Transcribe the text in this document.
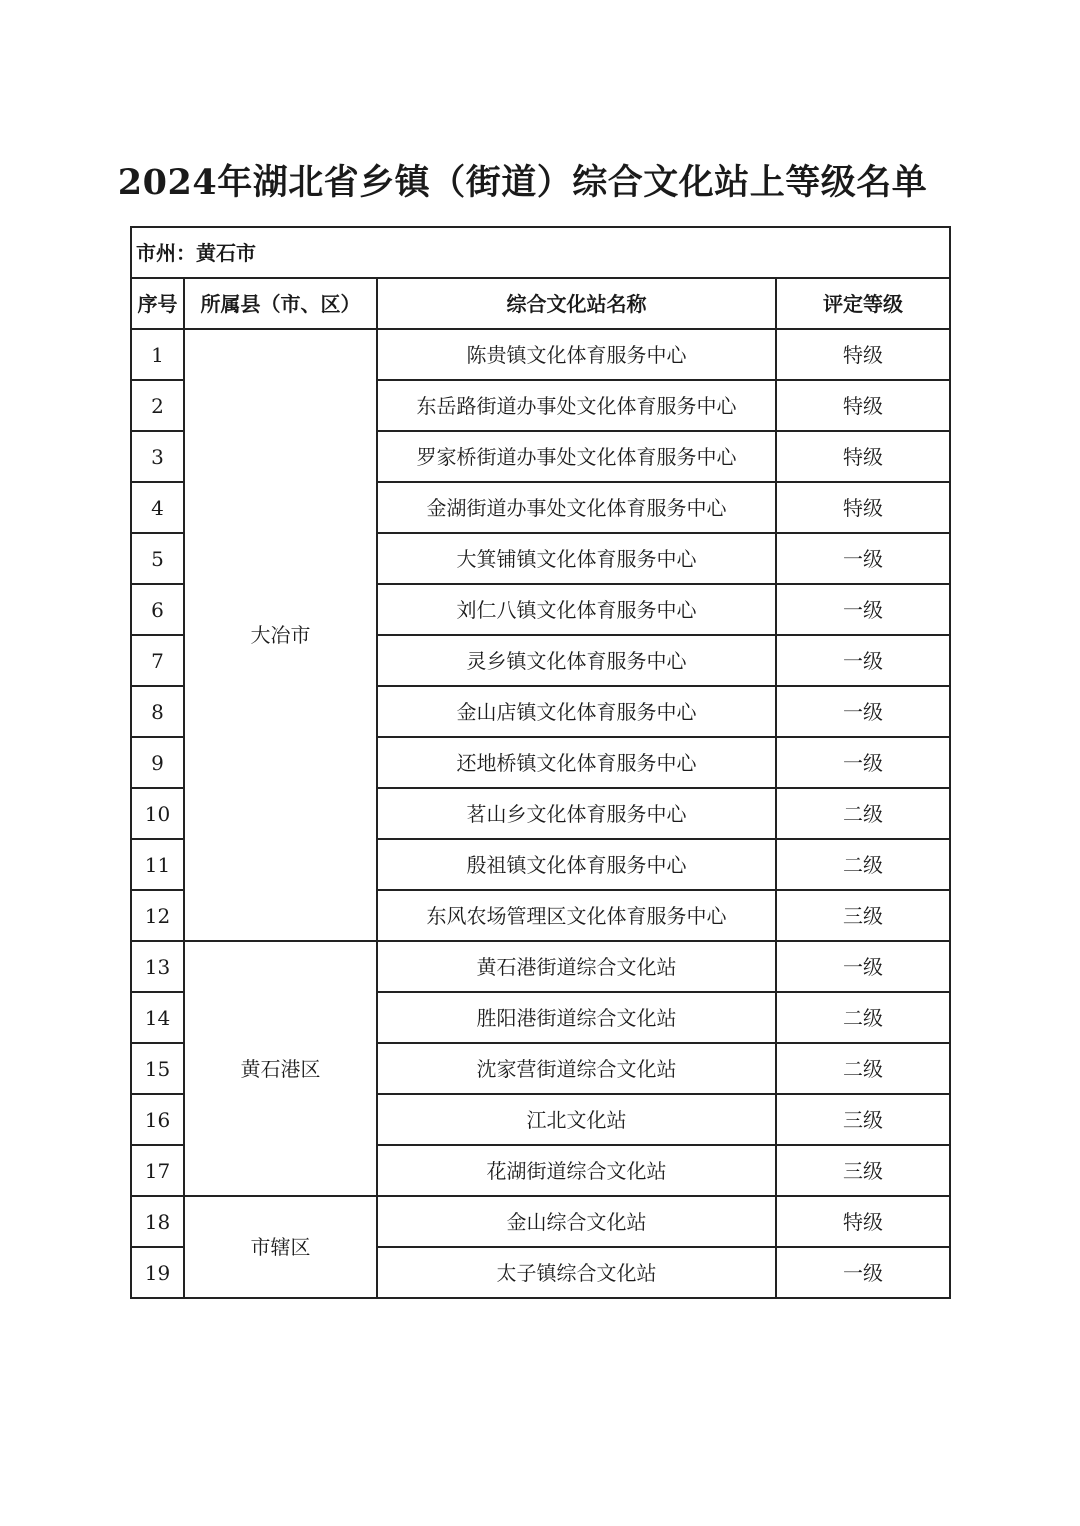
2024年湖北省乡镇（街道）综合文化站上等级名单
市州：黄石市			
序号	所属县（市、区）	综合文化站名称	评定等级
1	大冶市	陈贵镇文化体育服务中心	特级
2		东岳路街道办事处文化体育服务中心	特级
3		罗家桥街道办事处文化体育服务中心	特级
4		金湖街道办事处文化体育服务中心	特级
5		大箕铺镇文化体育服务中心	一级
6		刘仁八镇文化体育服务中心	一级
7		灵乡镇文化体育服务中心	一级
8		金山店镇文化体育服务中心	一级
9		还地桥镇文化体育服务中心	一级
10		茗山乡文化体育服务中心	二级
11		殷祖镇文化体育服务中心	二级
12		东风农场管理区文化体育服务中心	三级
13	黄石港区	黄石港街道综合文化站	一级
14		胜阳港街道综合文化站	二级
15		沈家营街道综合文化站	二级
16		江北文化站	三级
17		花湖街道综合文化站	三级
18	市辖区	金山综合文化站	特级
19		太子镇综合文化站	一级
